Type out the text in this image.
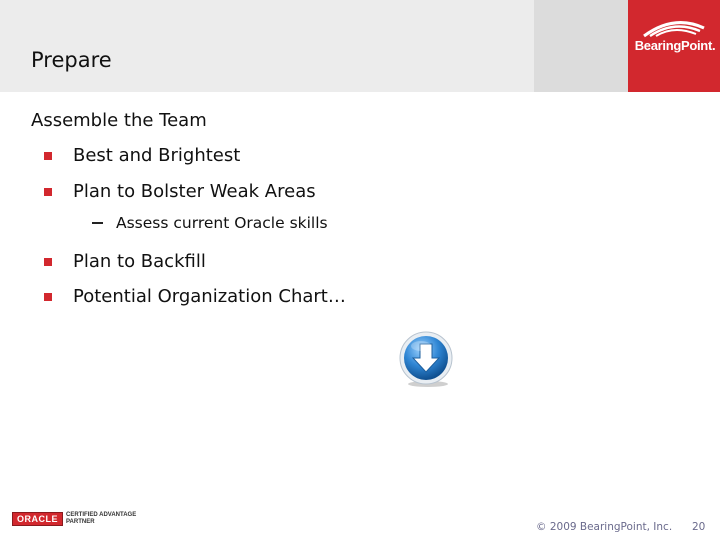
BearingPoint.
Prepare
Assemble the Team
Best and Brightest
Plan to Bolster Weak Areas
Assess current Oracle skills
Plan to Backfill
Potential Organization Chart…
ORACLE	CERTIFIED ADVANTAGE
PARTNER	© 2009 BearingPoint, Inc. 20
